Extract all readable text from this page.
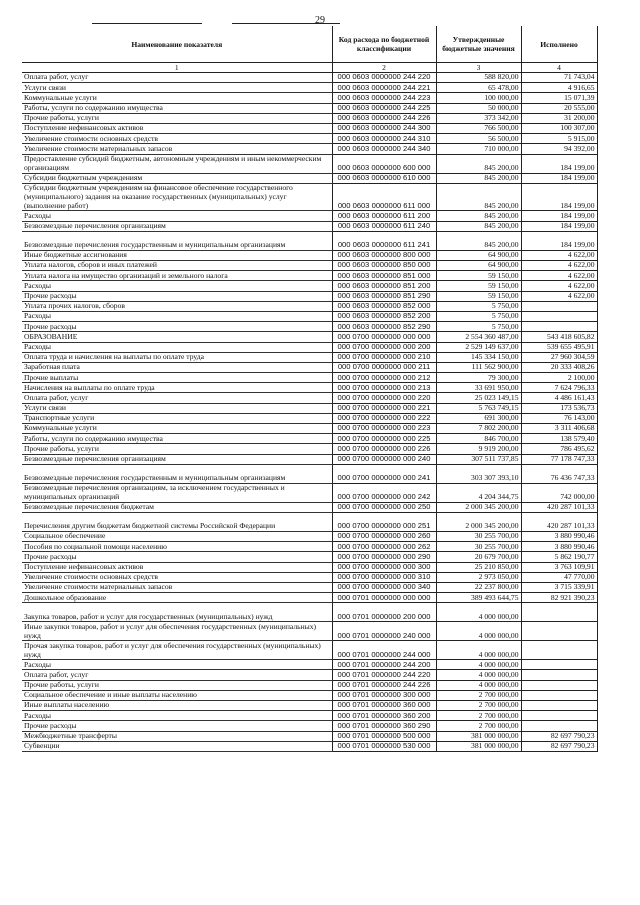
29
Наименование показателя	Код расхода по бюджетной классификации	Утвержденные бюджетные значения	Исполнено
1	2	3	4
Оплата работ, услуг	000 0603 0000000 244 220	588 820,00	71 743,04
Услуги связи	000 0603 0000000 244 221	65 478,00	4 916,65
Коммунальные услуги	000 0603 0000000 244 223	100 000,00	15 071,39
Работы, услуги по содержанию имущества	000 0603 0000000 244 225	50 000,00	20 555,00
Прочие работы, услуги	000 0603 0000000 244 226	373 342,00	31 200,00
Поступление нефинансовых активов	000 0603 0000000 244 300	766 500,00	100 307,00
Увеличение стоимости основных средств	000 0603 0000000 244 310	56 500,00	5 915,00
Увеличение стоимости материальных запасов	000 0603 0000000 244 340	710 000,00	94 392,00
Предоставление субсидий бюджетным, автономным учреждениям и иным некоммерческим организациям	000 0603 0000000 600 000	845 200,00	184 199,00
Субсидии бюджетным учреждениям	000 0603 0000000 610 000	845 200,00	184 199,00
Субсидии бюджетным учреждениям на финансовое обеспечение государственного (муниципального) задания на оказание государственных (муниципальных) услуг (выполнение работ)	000 0603 0000000 611 000	845 200,00	184 199,00
Расходы	000 0603 0000000 611 200	845 200,00	184 199,00
Безвозмездные перечисления организациям	000 0603 0000000 611 240	845 200,00	184 199,00
Безвозмездные перечисления государственным и муниципальным организациям	000 0603 0000000 611 241	845 200,00	184 199,00
Иные бюджетные ассигнования	000 0603 0000000 800 000	64 900,00	4 622,00
Уплата налогов, сборов и иных платежей	000 0603 0000000 850 000	64 900,00	4 622,00
Уплата налога на имущество организаций и земельного налога	000 0603 0000000 851 000	59 150,00	4 622,00
Расходы	000 0603 0000000 851 200	59 150,00	4 622,00
Прочие расходы	000 0603 0000000 851 290	59 150,00	4 622,00
Уплата прочих налогов, сборов	000 0603 0000000 852 000	5 750,00	
Расходы	000 0603 0000000 852 200	5 750,00	
Прочие расходы	000 0603 0000000 852 290	5 750,00	
ОБРАЗОВАНИЕ	000 0700 0000000 000 000	2 554 360 487,00	543 418 605,82
Расходы	000 0700 0000000 000 200	2 529 149 637,00	539 655 495,91
Оплата труда и начисления на выплаты по оплате труда	000 0700 0000000 000 210	145 334 150,00	27 960 304,59
Заработная плата	000 0700 0000000 000 211	111 562 900,00	20 333 408,26
Прочие выплаты	000 0700 0000000 000 212	79 300,00	2 100,00
Начисления на выплаты по оплате труда	000 0700 0000000 000 213	33 691 950,00	7 624 796,33
Оплата работ, услуг	000 0700 0000000 000 220	25 023 149,15	4 486 161,43
Услуги связи	000 0700 0000000 000 221	5 763 749,15	173 536,73
Транспортные услуги	000 0700 0000000 000 222	691 300,00	76 143,00
Коммунальные услуги	000 0700 0000000 000 223	7 802 200,00	3 311 406,68
Работы, услуги по содержанию имущества	000 0700 0000000 000 225	846 700,00	138 579,40
Прочие работы, услуги	000 0700 0000000 000 226	9 919 200,00	786 495,62
Безвозмездные перечисления организациям	000 0700 0000000 000 240	307 511 737,85	77 178 747,33
Безвозмездные перечисления государственным и муниципальным организациям	000 0700 0000000 000 241	303 307 393,10	76 436 747,33
Безвозмездные перечисления организациям, за исключением государственных и муниципальных организаций	000 0700 0000000 000 242	4 204 344,75	742 000,00
Безвозмездные перечисления бюджетам	000 0700 0000000 000 250	2 000 345 200,00	420 287 101,33
Перечисления другим бюджетам бюджетной системы Российской Федерации	000 0700 0000000 000 251	2 000 345 200,00	420 287 101,33
Социальное обеспечение	000 0700 0000000 000 260	30 255 700,00	3 880 990,46
Пособия по социальной помощи населению	000 0700 0000000 000 262	30 255 700,00	3 880 990,46
Прочие расходы	000 0700 0000000 000 290	20 679 700,00	5 862 190,77
Поступление нефинансовых активов	000 0700 0000000 000 300	25 210 850,00	3 763 109,91
Увеличение стоимости основных средств	000 0700 0000000 000 310	2 973 050,00	47 770,00
Увеличение стоимости материальных запасов	000 0700 0000000 000 340	22 237 800,00	3 715 339,91
Дошкольное образование	000 0701 0000000 000 000	389 493 644,75	82 921 390,23
Закупка товаров, работ и услуг для государственных (муниципальных) нужд	000 0701 0000000 200 000	4 000 000,00	
Иные закупки товаров, работ и услуг для обеспечения государственных (муниципальных) нужд	000 0701 0000000 240 000	4 000 000,00	
Прочая закупка товаров, работ и услуг для обеспечения государственных (муниципальных) нужд	000 0701 0000000 244 000	4 000 000,00	
Расходы	000 0701 0000000 244 200	4 000 000,00	
Оплата работ, услуг	000 0701 0000000 244 220	4 000 000,00	
Прочие работы, услуги	000 0701 0000000 244 226	4 000 000,00	
Социальное обеспечение и иные выплаты населению	000 0701 0000000 300 000	2 700 000,00	
Иные выплаты населению	000 0701 0000000 360 000	2 700 000,00	
Расходы	000 0701 0000000 360 200	2 700 000,00	
Прочие расходы	000 0701 0000000 360 290	2 700 000,00	
Межбюджетные трансферты	000 0701 0000000 500 000	381 000 000,00	82 697 790,23
Субвенции	000 0701 0000000 530 000	381 000 000,00	82 697 790,23
